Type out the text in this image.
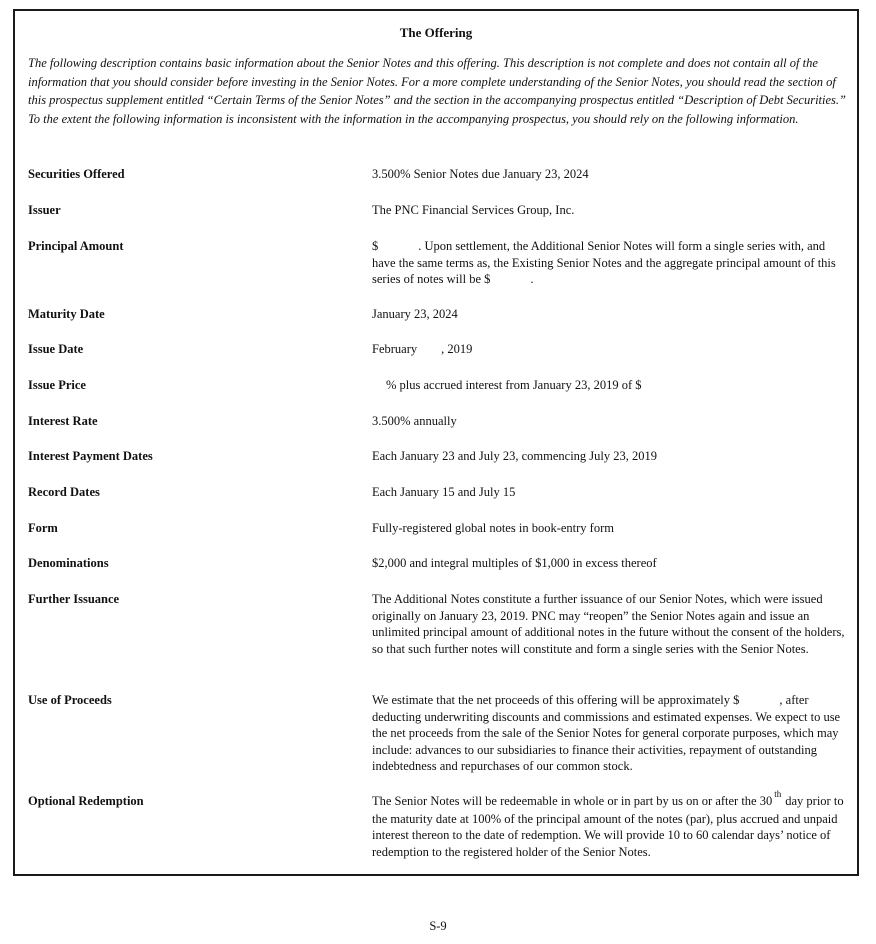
The Offering
The following description contains basic information about the Senior Notes and this offering. This description is not complete and does not contain all of the information that you should consider before investing in the Senior Notes. For a more complete understanding of the Senior Notes, you should read the section of this prospectus supplement entitled “Certain Terms of the Senior Notes” and the section in the accompanying prospectus entitled “Description of Debt Securities.” To the extent the following information is inconsistent with the information in the accompanying prospectus, you should rely on the following information.
Securities Offered	3.500% Senior Notes due January 23, 2024
Issuer	The PNC Financial Services Group, Inc.
Principal Amount	$	. Upon settlement, the Additional Senior Notes will form a single series with, and have the same terms as, the Existing Senior Notes and the aggregate principal amount of this series of notes will be $	.
Maturity Date	January 23, 2024
Issue Date	February , 2019
Issue Price	% plus accrued interest from January 23, 2019 of $
Interest Rate	3.500% annually
Interest Payment Dates	Each January 23 and July 23, commencing July 23, 2019
Record Dates	Each January 15 and July 15
Form	Fully-registered global notes in book-entry form
Denominations	$2,000 and integral multiples of $1,000 in excess thereof
Further Issuance	The Additional Notes constitute a further issuance of our Senior Notes, which were issued originally on January 23, 2019. PNC may “reopen” the Senior Notes again and issue an unlimited principal amount of additional notes in the future without the consent of the holders, so that such further notes will constitute and form a single series with the Senior Notes.
Use of Proceeds	We estimate that the net proceeds of this offering will be approximately $	, after deducting underwriting discounts and commissions and estimated expenses. We expect to use the net proceeds from the sale of the Senior Notes for general corporate purposes, which may include: advances to our subsidiaries to finance their activities, repayment of outstanding indebtedness and repurchases of our common stock.
Optional Redemption	The Senior Notes will be redeemable in whole or in part by us on or after the 30 $^{th}$ day prior to the maturity date at 100% of the principal amount of the notes (par), plus accrued and unpaid interest thereon to the date of redemption. We will provide 10 to 60 calendar days’ notice of redemption to the registered holder of the Senior Notes.
S-9
